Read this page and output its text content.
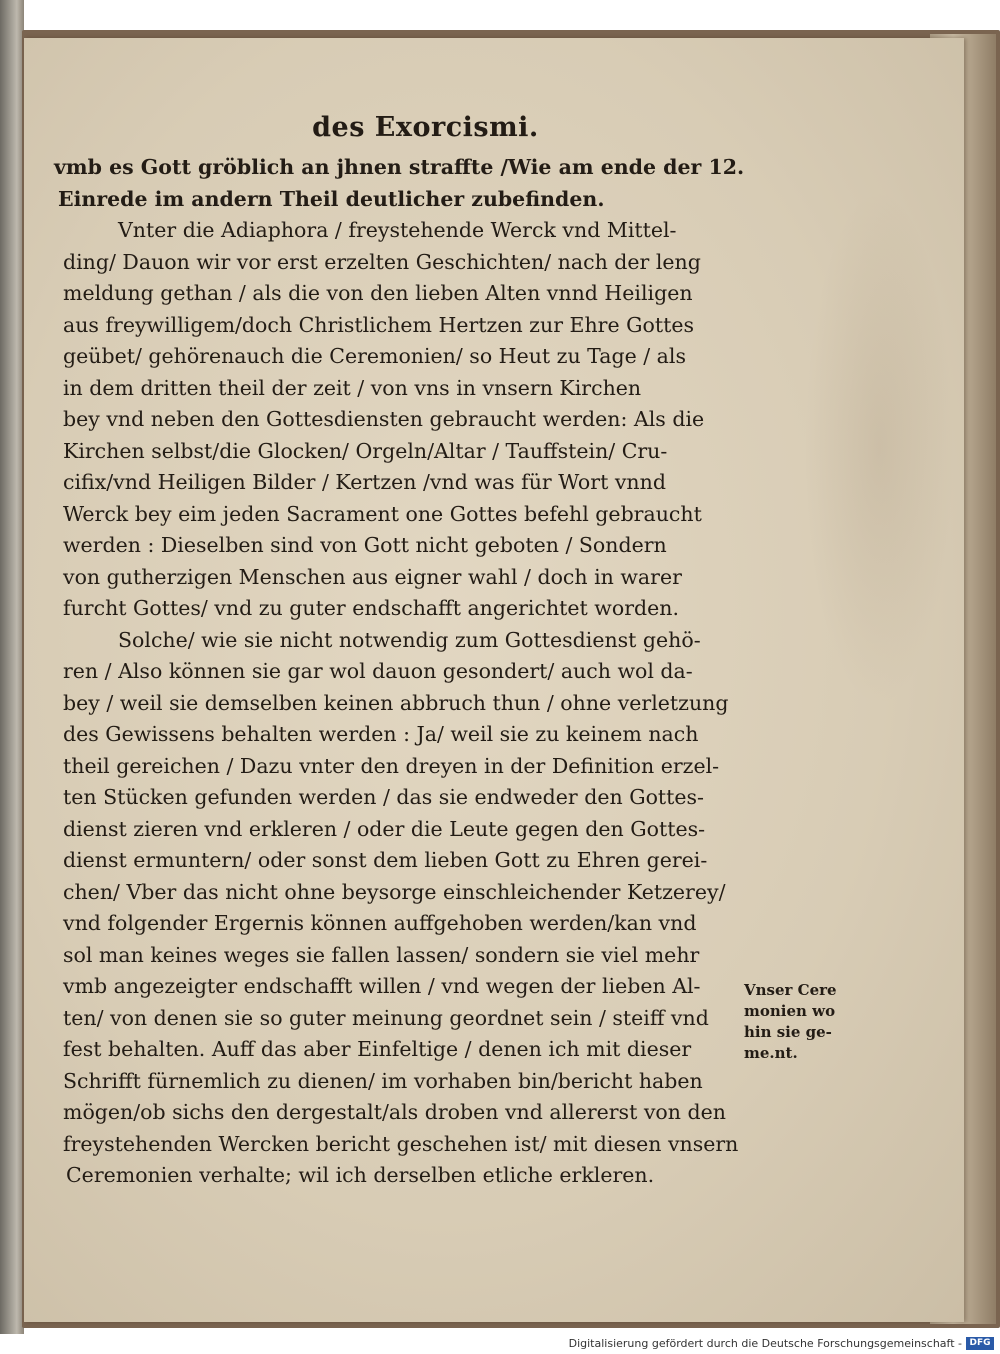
des Exorcismi.
vmb es Gott gröblich an jhnen straffte /Wie am ende der 12.
Einrede im andern Theil deutlicher zubefinden.
Vnter die Adiaphora / freystehende Werck vnd Mittel-
ding/ Dauon wir vor erst erzelten Geschichten/ nach der leng
meldung gethan / als die von den lieben Alten vnnd Heiligen
aus freywilligem/doch Christlichem Hertzen zur Ehre Gottes
geübet/ gehörenauch die Ceremonien/ so Heut zu Tage / als
in dem dritten theil der zeit / von vns in vnsern Kirchen
bey vnd neben den Gottesdiensten gebraucht werden: Als die
Kirchen selbst/die Glocken/ Orgeln/Altar / Tauffstein/ Cru-
cifix/vnd Heiligen Bilder / Kertzen /vnd was für Wort vnnd
Werck bey eim jeden Sacrament one Gottes befehl gebraucht
werden : Dieselben sind von Gott nicht geboten / Sondern
von gutherzigen Menschen aus eigner wahl / doch in warer
furcht Gottes/ vnd zu guter endschafft angerichtet worden.
Solche/ wie sie nicht notwendig zum Gottesdienst gehö-
ren / Also können sie gar wol dauon gesondert/ auch wol da-
bey / weil sie demselben keinen abbruch thun / ohne verletzung
des Gewissens behalten werden : Ja/ weil sie zu keinem nach
theil gereichen / Dazu vnter den dreyen in der Definition erzel-
ten Stücken gefunden werden / das sie endweder den Gottes-
dienst zieren vnd erkleren / oder die Leute gegen den Gottes-
dienst ermuntern/ oder sonst dem lieben Gott zu Ehren gerei-
chen/ Vber das nicht ohne beysorge einschleichender Ketzerey/
vnd folgender Ergernis können auffgehoben werden/kan vnd
sol man keines weges sie fallen lassen/ sondern sie viel mehr
vmb angezeigter endschafft willen / vnd wegen der lieben Al-
ten/ von denen sie so guter meinung geordnet sein / steiff vnd
fest behalten. Auff das aber Einfeltige / denen ich mit dieser
Schrifft fürnemlich zu dienen/ im vorhaben bin/bericht haben
mögen/ob sichs den dergestalt/als droben vnd allererst von den
freystehenden Wercken bericht geschehen ist/ mit diesen vnsern
Ceremonien verhalte; wil ich derselben etliche erkleren.
Vnser Cere
monien wo
hin sie ge-
me.nt.
Digitalisierung gefördert durch die Deutsche Forschungsgemeinschaft - DFG
